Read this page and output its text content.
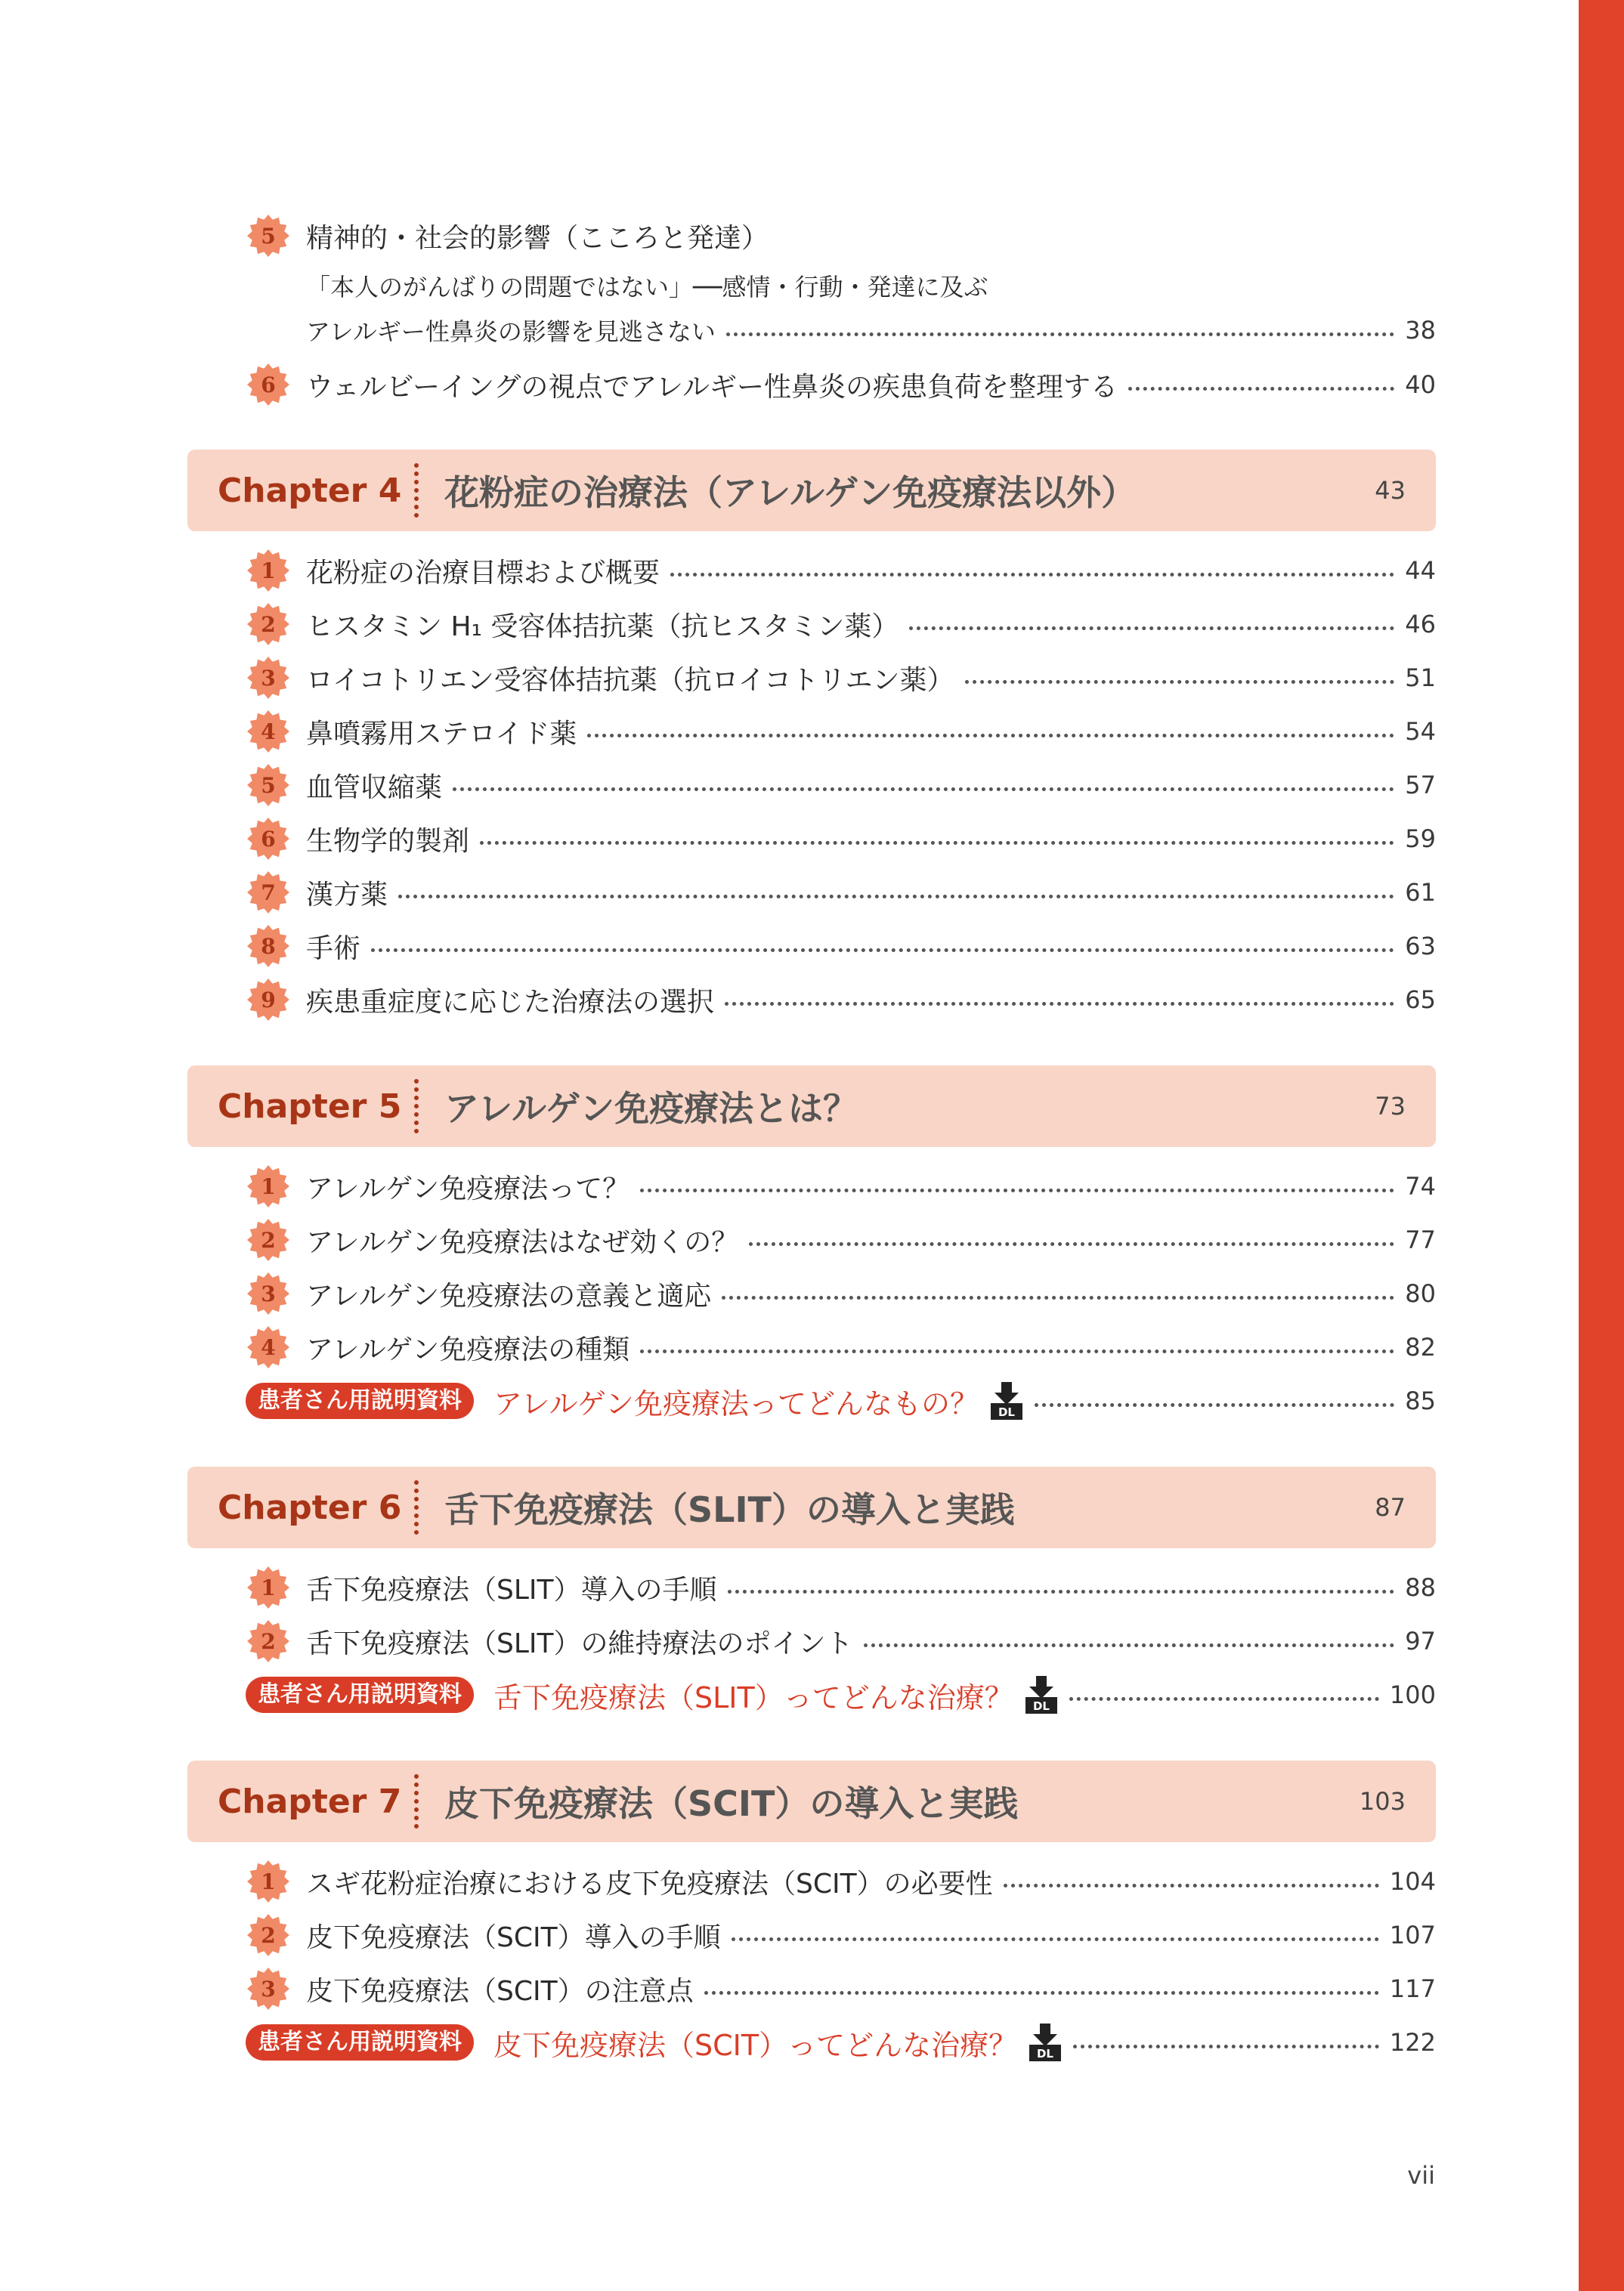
5 精神的・社会的影響（こころと発達）
「本人のがんばりの問題ではない」──感情・行動・発達に及ぶ
アレルギー性鼻炎の影響を見逃さない	38
6 ウェルビーイングの視点でアレルギー性鼻炎の疾患負荷を整理する	40
Chapter 4	花粉症の治療法（アレルゲン免疫療法以外）	43
1 花粉症の治療目標および概要	44
2 ヒスタミン H₁ 受容体拮抗薬（抗ヒスタミン薬）	46
3 ロイコトリエン受容体拮抗薬（抗ロイコトリエン薬）	51
4 鼻噴霧用ステロイド薬	54
5 血管収縮薬	57
6 生物学的製剤	59
7 漢方薬	61
8 手術	63
9 疾患重症度に応じた治療法の選択	65
Chapter 5	アレルゲン免疫療法とは？	73
1 アレルゲン免疫療法って？	74
2 アレルゲン免疫療法はなぜ効くの？	77
3 アレルゲン免疫療法の意義と適応	80
4 アレルゲン免疫療法の種類	82
患者さん用説明資料	アレルゲン免疫療法ってどんなもの？ DL	85
Chapter 6	舌下免疫療法（SLIT）の導入と実践	87
1 舌下免疫療法（SLIT）導入の手順	88
2 舌下免疫療法（SLIT）の維持療法のポイント	97
患者さん用説明資料	舌下免疫療法（SLIT）ってどんな治療？ DL	100
Chapter 7	皮下免疫療法（SCIT）の導入と実践	103
1 スギ花粉症治療における皮下免疫療法（SCIT）の必要性	104
2 皮下免疫療法（SCIT）導入の手順	107
3 皮下免疫療法（SCIT）の注意点	117
患者さん用説明資料	皮下免疫療法（SCIT）ってどんな治療？ DL	122
vii
